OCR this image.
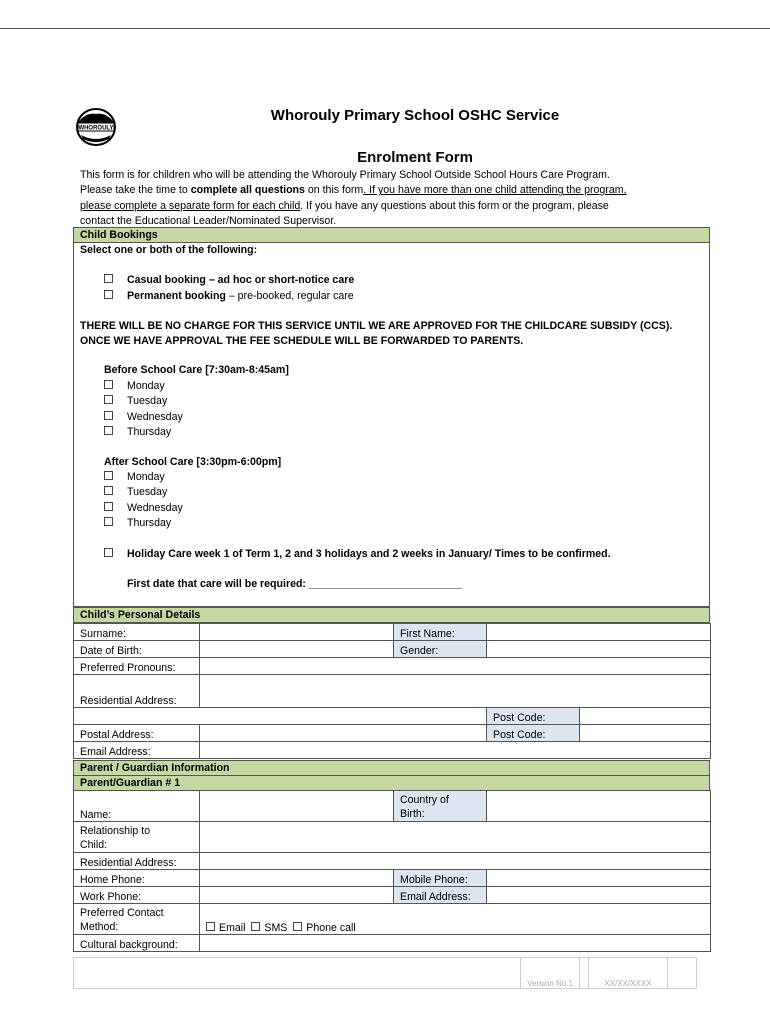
WHOROULY
Whorouly Primary School OSHC Service
Enrolment Form
This form is for children who will be attending the Whorouly Primary School Outside School Hours Care Program.
Please take the time to complete all questions on this form. If you have more than one child attending the program,
please complete a separate form for each child. If you have any questions about this form or the program, please
contact the Educational Leader/Nominated Supervisor.
Child Bookings
Select one or both of the following:
Casual booking – ad hoc or short-notice care
Permanent booking – pre-booked, regular care
THERE WILL BE NO CHARGE FOR THIS SERVICE UNTIL WE ARE APPROVED FOR THE CHILDCARE SUBSIDY (CCS).
ONCE WE HAVE APPROVAL THE FEE SCHEDULE WILL BE FORWARDED TO PARENTS.
Before School Care [7:30am-8:45am]
Monday
Tuesday
Wednesday
Thursday
After School Care [3:30pm-6:00pm]
Monday
Tuesday
Wednesday
Thursday
Holiday Care week 1 of Term 1, 2 and 3 holidays and 2 weeks in January/ Times to be confirmed.
First date that care will be required: __________________________
Child’s Personal Details
Surname:		First Name:		
Date of Birth:		Gender:		
Preferred Pronouns:				
Residential Address:				
			Post Code:	
Postal Address:			Post Code:	
Email Address:				
Parent / Guardian Information
Parent/Guardian # 1
Name:		Country of
Birth:	

Relationship to
Child:			

Residential Address:			
Home Phone:		Mobile Phone:	
Work Phone:		Email Address:	

Preferred Contact
Method:	Email SMS Phone call		
Cultural background:			
Version No.1	XX/XX/XXXX
